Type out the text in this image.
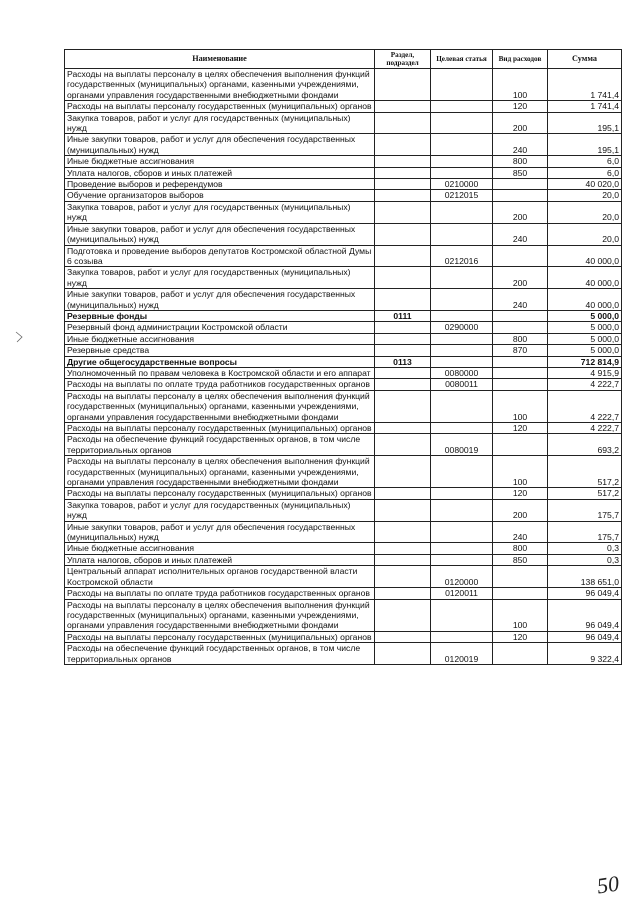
Наименование	Раздел, подраздел	Целевая статья	Вид расходов	Сумма
Расходы на выплаты персоналу в целях обеспечения выполнения функций государственных (муниципальных) органами, казенными учреждениями, органами управления государственными внебюджетными фондами			100	1 741,4
Расходы на выплаты персоналу государственных (муниципальных) органов			120	1 741,4
Закупка товаров, работ и услуг для государственных (муниципальных) нужд			200	195,1
Иные закупки товаров, работ и услуг для обеспечения государственных (муниципальных) нужд			240	195,1
Иные бюджетные ассигнования			800	6,0
Уплата налогов, сборов и иных платежей			850	6,0
Проведение выборов и референдумов		0210000		40 020,0
Обучение организаторов выборов		0212015		20,0
Закупка товаров, работ и услуг для государственных (муниципальных) нужд			200	20,0
Иные закупки товаров, работ и услуг для обеспечения государственных (муниципальных) нужд			240	20,0
Подготовка и проведение выборов депутатов Костромской областной Думы 6 созыва		0212016		40 000,0
Закупка товаров, работ и услуг для государственных (муниципальных) нужд			200	40 000,0
Иные закупки товаров, работ и услуг для обеспечения государственных (муниципальных) нужд			240	40 000,0
Резервные фонды	0111			5 000,0
Резервный фонд администрации Костромской области		0290000		5 000,0
Иные бюджетные ассигнования			800	5 000,0
Резервные средства			870	5 000,0
Другие общегосударственные вопросы	0113			712 814,9
Уполномоченный по правам человека в Костромской области и его аппарат		0080000		4 915,9
Расходы на выплаты по оплате труда работников государственных органов		0080011		4 222,7
Расходы на выплаты персоналу в целях обеспечения выполнения функций государственных (муниципальных) органами, казенными учреждениями, органами управления государственными внебюджетными фондами			100	4 222,7
Расходы на выплаты персоналу государственных (муниципальных) органов			120	4 222,7
Расходы на обеспечение функций государственных органов, в том числе территориальных органов		0080019		693,2
Расходы на выплаты персоналу в целях обеспечения выполнения функций государственных (муниципальных) органами, казенными учреждениями, органами управления государственными внебюджетными фондами			100	517,2
Расходы на выплаты персоналу государственных (муниципальных) органов			120	517,2
Закупка товаров, работ и услуг для государственных (муниципальных) нужд			200	175,7
Иные закупки товаров, работ и услуг для обеспечения государственных (муниципальных) нужд			240	175,7
Иные бюджетные ассигнования			800	0,3
Уплата налогов, сборов и иных платежей			850	0,3
Центральный аппарат исполнительных органов государственной власти Костромской области		0120000		138 651,0
Расходы на выплаты по оплате труда работников государственных органов		0120011		96 049,4
Расходы на выплаты персоналу в целях обеспечения выполнения функций государственных (муниципальных) органами, казенными учреждениями, органами управления государственными внебюджетными фондами			100	96 049,4
Расходы на выплаты персоналу государственных (муниципальных) органов			120	96 049,4
Расходы на обеспечение функций государственных органов, в том числе территориальных органов		0120019		9 322,4
50
